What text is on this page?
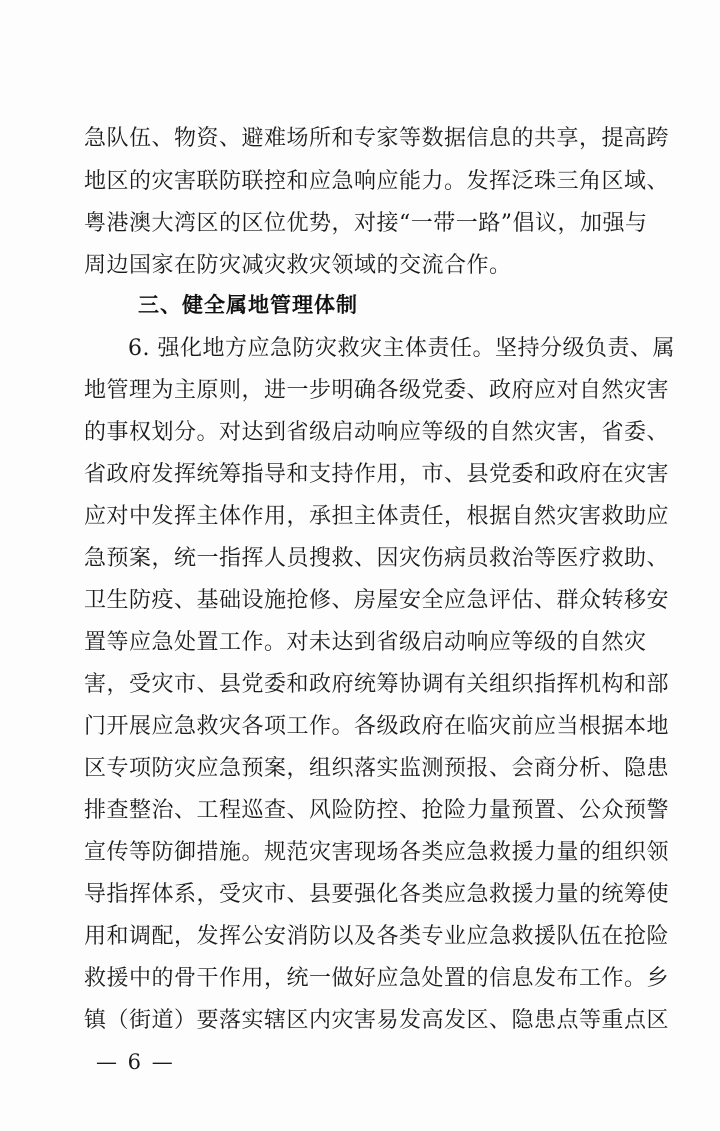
急队伍、物资、避难场所和专家等数据信息的共享，提高跨
地区的灾害联防联控和应急响应能力。发挥泛珠三角区域、
粤港澳大湾区的区位优势，对接“一带一路”倡议，加强与
周边国家在防灾减灾救灾领域的交流合作。
三、健全属地管理体制
6. 强化地方应急防灾救灾主体责任。坚持分级负责、属
地管理为主原则，进一步明确各级党委、政府应对自然灾害
的事权划分。对达到省级启动响应等级的自然灾害，省委、
省政府发挥统筹指导和支持作用，市、县党委和政府在灾害
应对中发挥主体作用，承担主体责任，根据自然灾害救助应
急预案，统一指挥人员搜救、因灾伤病员救治等医疗救助、
卫生防疫、基础设施抢修、房屋安全应急评估、群众转移安
置等应急处置工作。对未达到省级启动响应等级的自然灾
害，受灾市、县党委和政府统筹协调有关组织指挥机构和部
门开展应急救灾各项工作。各级政府在临灾前应当根据本地
区专项防灾应急预案，组织落实监测预报、会商分析、隐患
排查整治、工程巡查、风险防控、抢险力量预置、公众预警
宣传等防御措施。规范灾害现场各类应急救援力量的组织领
导指挥体系，受灾市、县要强化各类应急救援力量的统筹使
用和调配，发挥公安消防以及各类专业应急救援队伍在抢险
救援中的骨干作用，统一做好应急处置的信息发布工作。乡
镇（街道）要落实辖区内灾害易发高发区、隐患点等重点区
— 6 —
